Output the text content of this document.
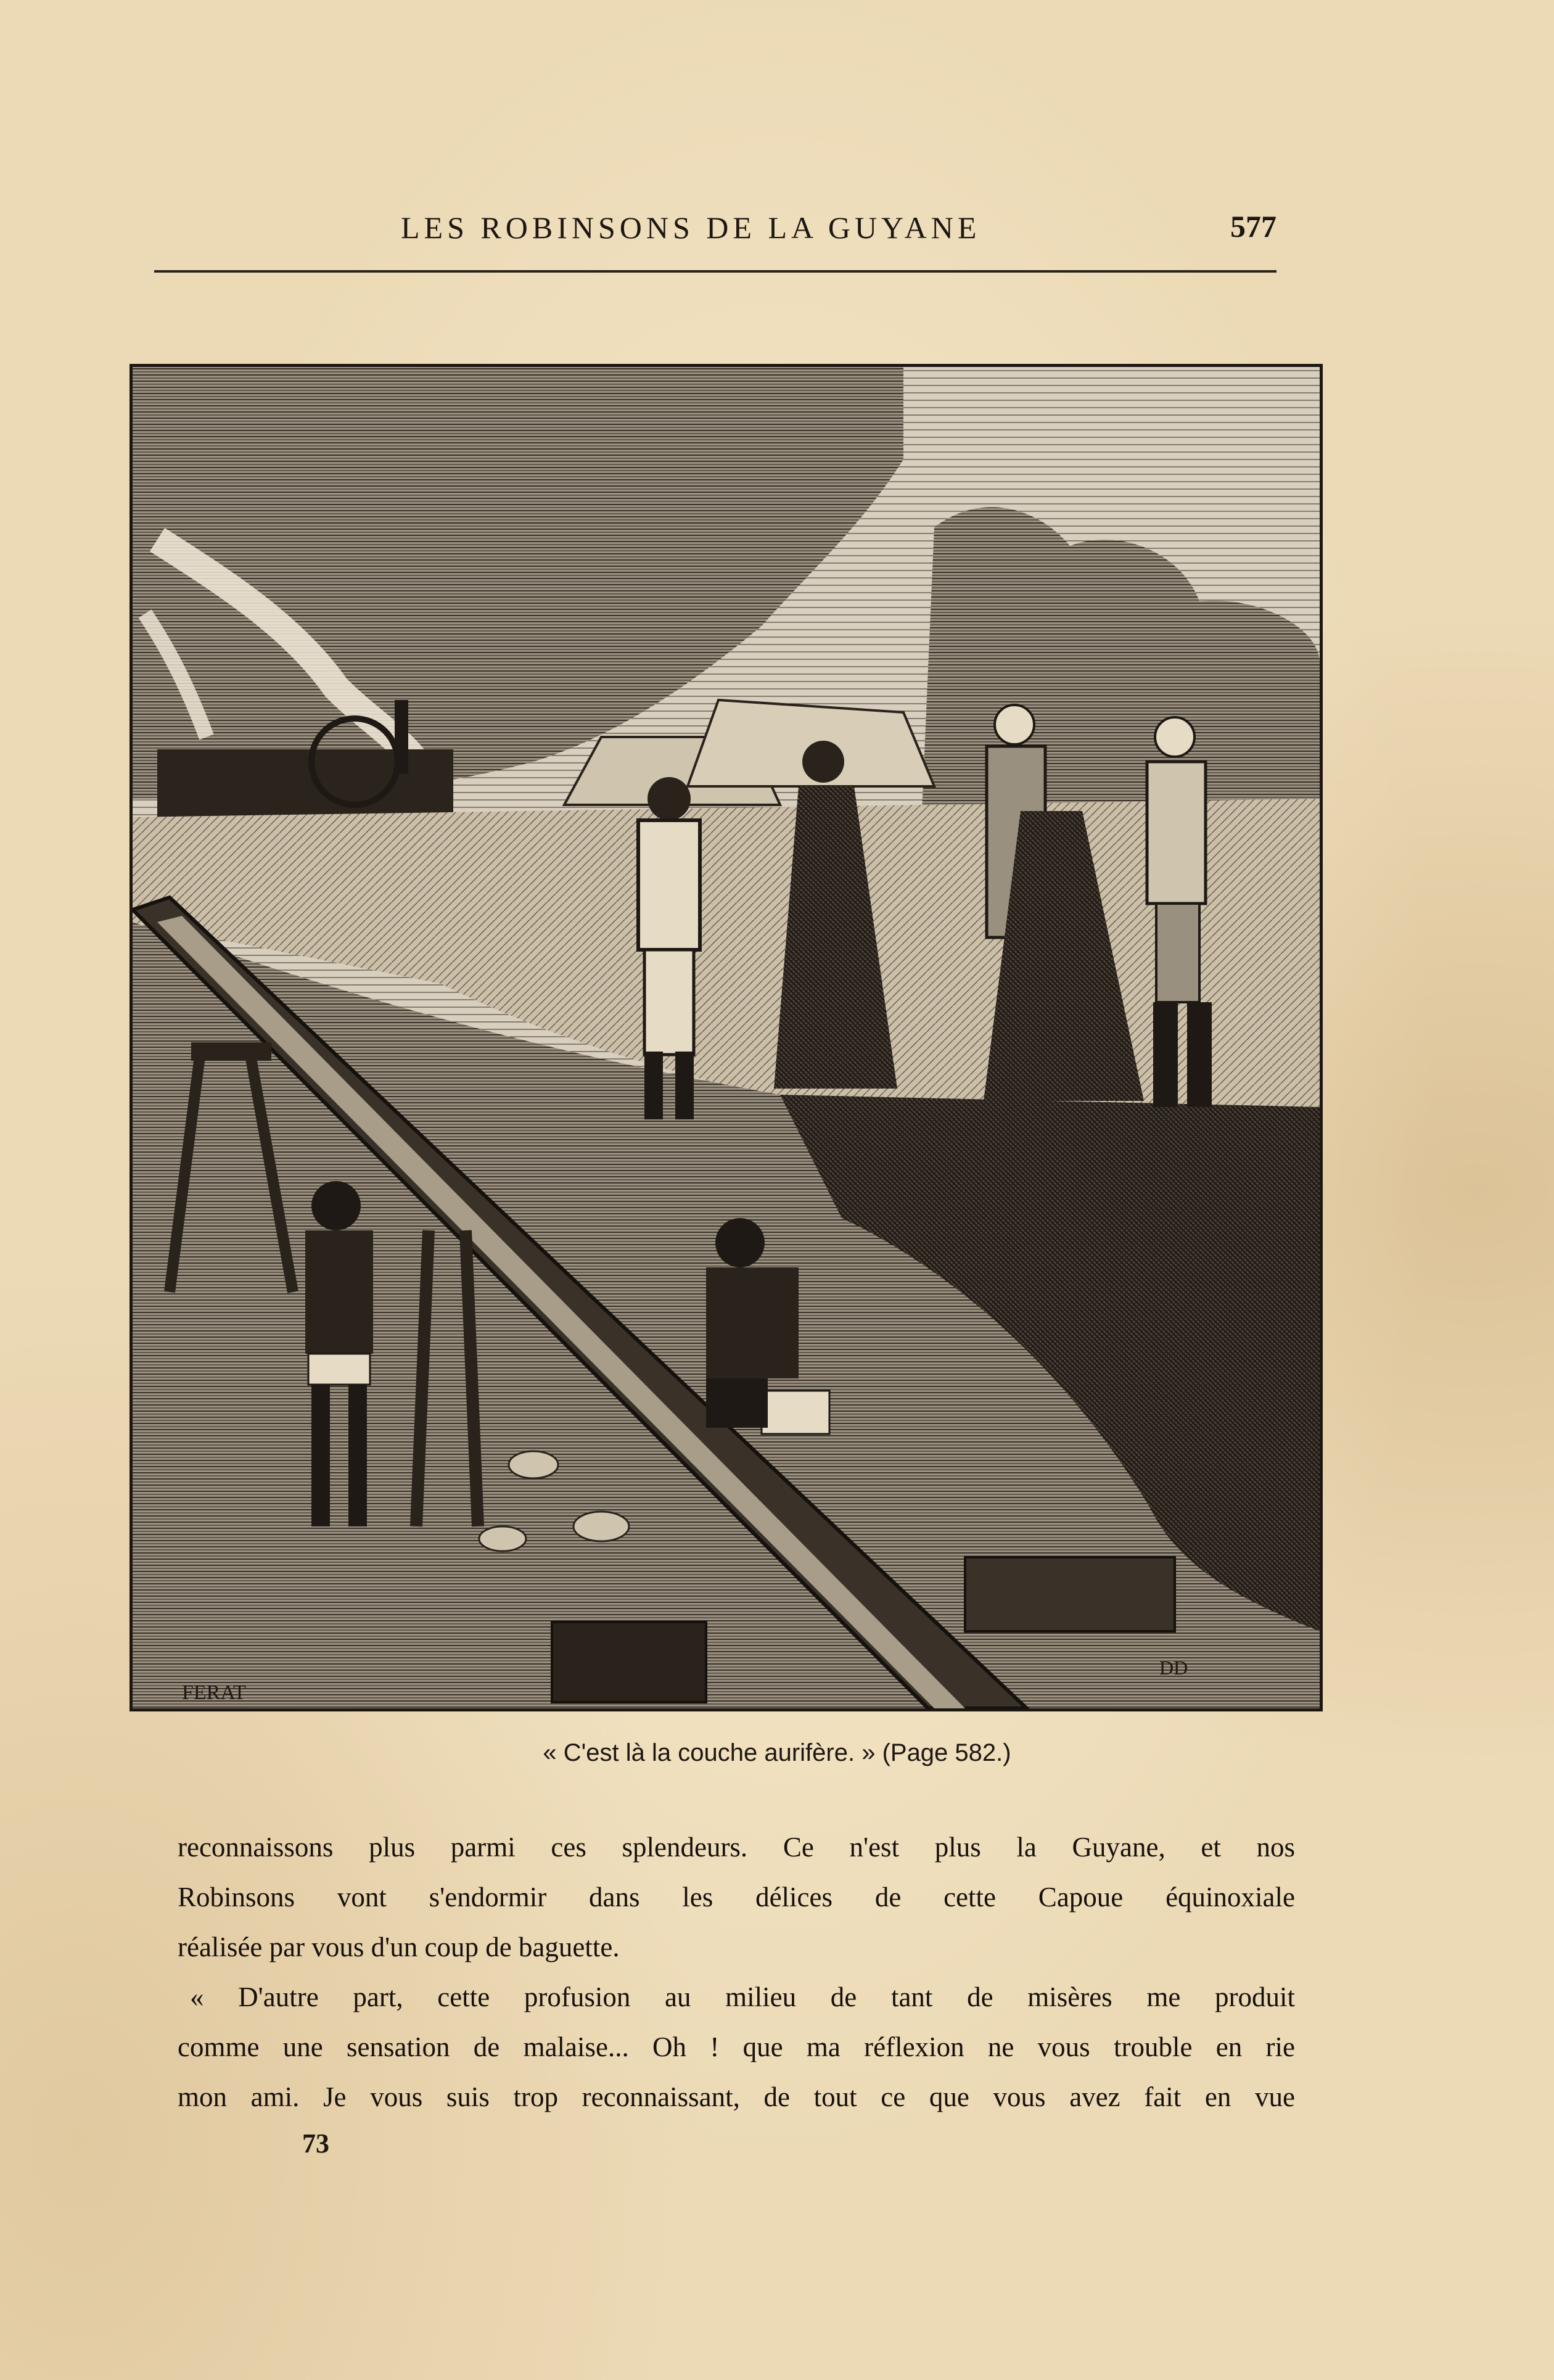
LES ROBINSONS DE LA GUYANE	577
FERAT
DD
« C'est là la couche aurifère. » (Page 582.)
reconnaissons plus parmi ces splendeurs. Ce n'est plus la Guyane, et nos
Robinsons vont s'endormir dans les délices de cette Capoue équinoxiale
réalisée par vous d'un coup de baguette.
« D'autre part, cette profusion au milieu de tant de misères me produit
comme une sensation de malaise... Oh ! que ma réflexion ne vous trouble en rie
mon ami. Je vous suis trop reconnaissant, de tout ce que vous avez fait en vue
73
